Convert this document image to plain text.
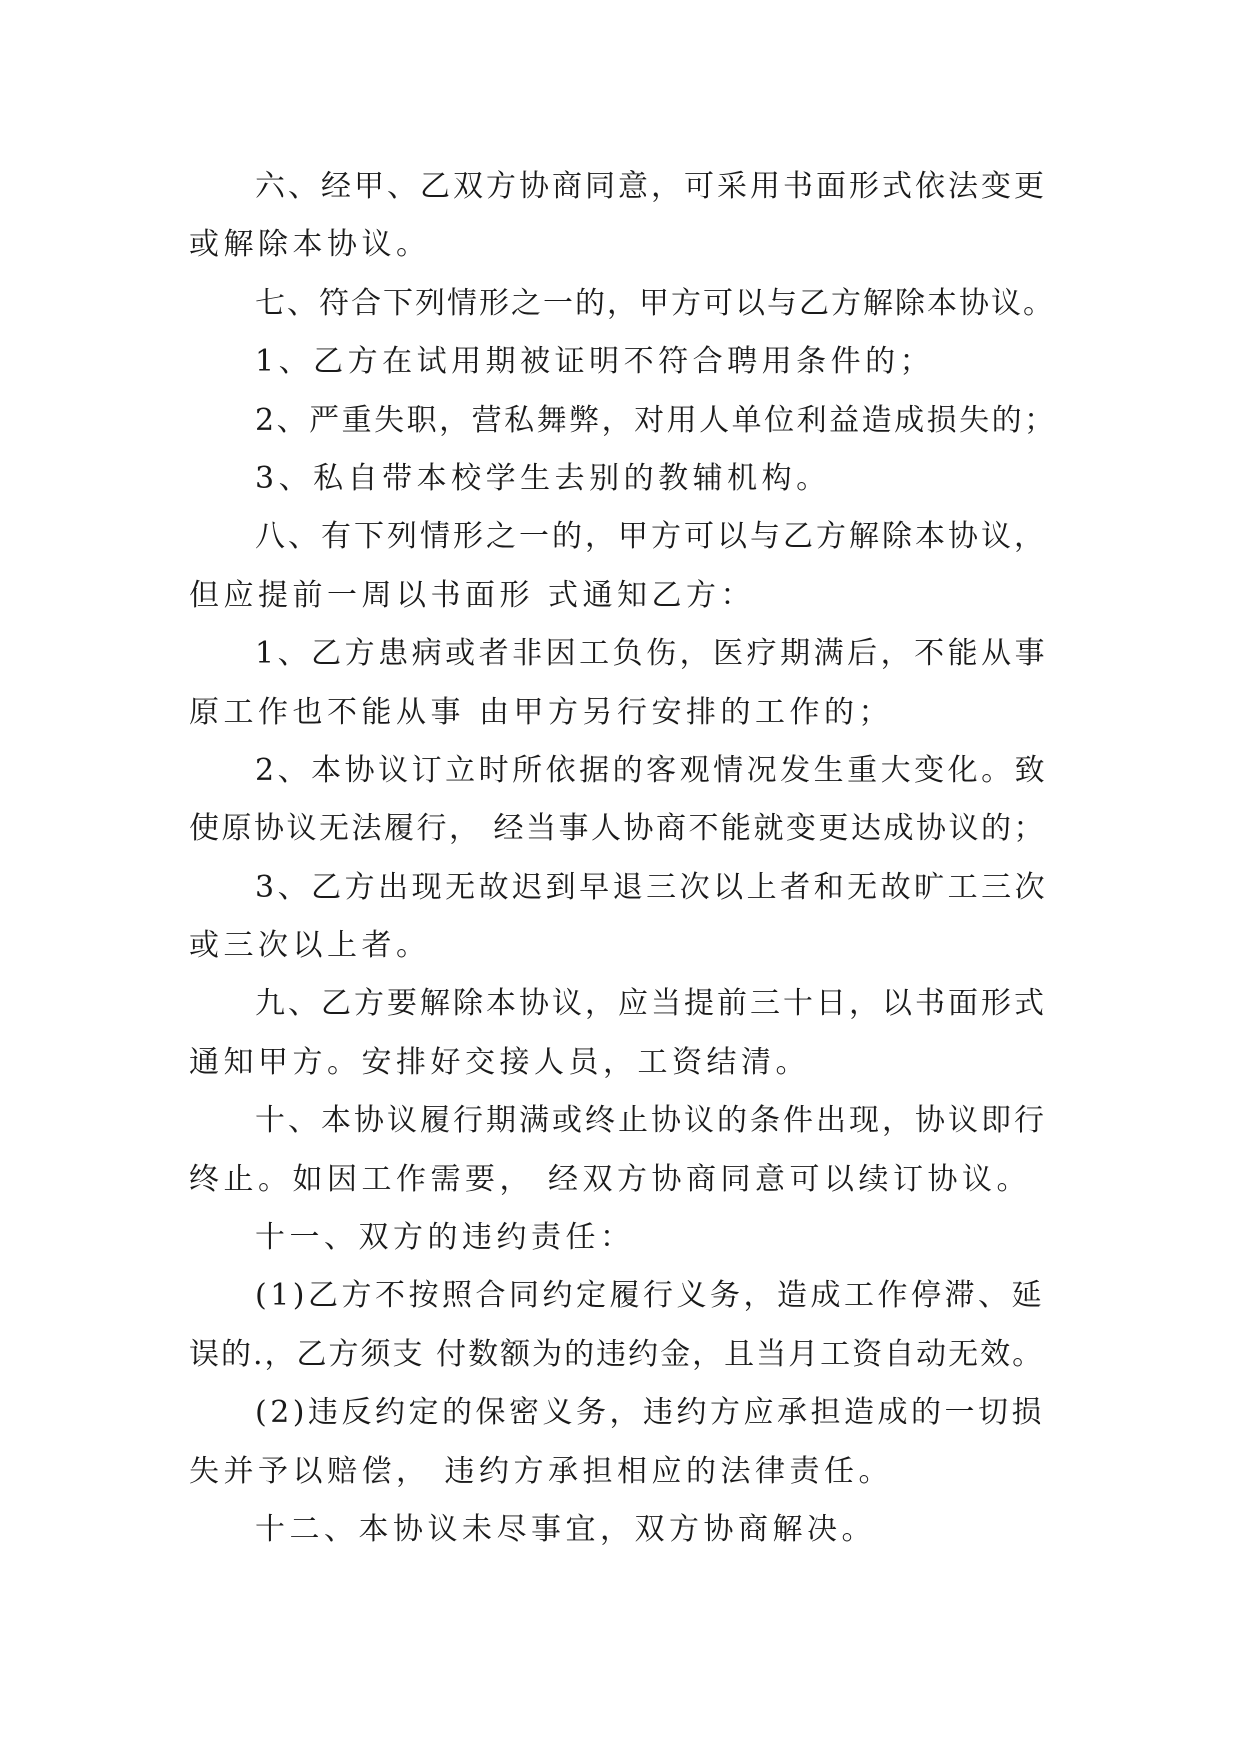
六、经甲、乙双方协商同意，可采用书面形式依法变更
或解除本协议。
七、符合下列情形之一的，甲方可以与乙方解除本协议。
1、乙方在试用期被证明不符合聘用条件的；
2、严重失职，营私舞弊，对用人单位利益造成损失的；
3、私自带本校学生去别的教辅机构。
八、有下列情形之一的，甲方可以与乙方解除本协议，
但应提前一周以书面形 式通知乙方：
1、乙方患病或者非因工负伤，医疗期满后，不能从事
原工作也不能从事 由甲方另行安排的工作的；
2、本协议订立时所依据的客观情况发生重大变化。致
使原协议无法履行， 经当事人协商不能就变更达成协议的；
3、乙方出现无故迟到早退三次以上者和无故旷工三次
或三次以上者。
九、乙方要解除本协议，应当提前三十日，以书面形式
通知甲方。安排好交接人员，工资结清。
十、本协议履行期满或终止协议的条件出现，协议即行
终止。如因工作需要， 经双方协商同意可以续订协议。
十一、双方的违约责任：
(1)乙方不按照合同约定履行义务，造成工作停滞、延
误的.，乙方须支 付数额为的违约金，且当月工资自动无效。
(2)违反约定的保密义务，违约方应承担造成的一切损
失并予以赔偿， 违约方承担相应的法律责任。
十二、本协议未尽事宜，双方协商解决。
